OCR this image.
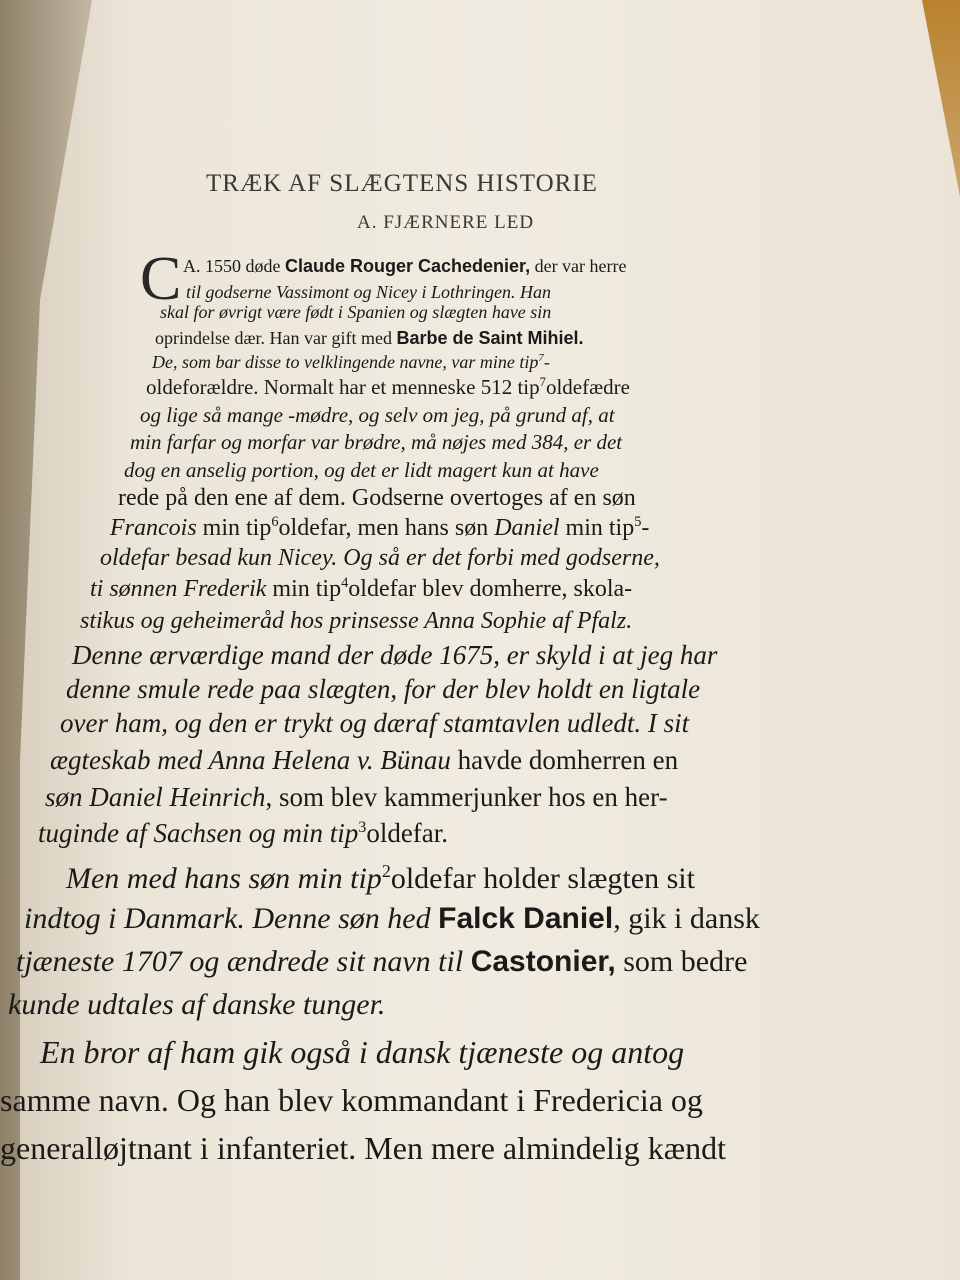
TRÆK AF SLÆGTENS HISTORIE
A. FJÆRNERE LED
C A. 1550 døde Claude Rouger Cachedenier, der var herre
til godserne Vassimont og Nicey i Lothringen. Han
skal for øvrigt være født i Spanien og slægten have sin
oprindelse dær. Han var gift med Barbe de Saint Mihiel.
De, som bar disse to velklingende navne, var mine tip$^7$-
oldeforældre. Normalt har et menneske 512 tip$^7$oldefædre
og lige så mange -mødre, og selv om jeg, på grund af, at
min farfar og morfar var brødre, må nøjes med 384, er det
dog en anselig portion, og det er lidt magert kun at have
rede på den ene af dem. Godserne overtoges af en søn
Francois min tip$^6$oldefar, men hans søn Daniel min tip$^5$-
oldefar besad kun Nicey. Og så er det forbi med godserne,
ti sønnen Frederik min tip$^4$oldefar blev domherre, skola-
stikus og geheimeråd hos prinsesse Anna Sophie af Pfalz.
Denne ærværdige mand der døde 1675, er skyld i at jeg har
denne smule rede paa slægten, for der blev holdt en ligtale
over ham, og den er trykt og dæraf stamtavlen udledt. I sit
ægteskab med Anna Helena v. Bünau havde domherren en
søn Daniel Heinrich, som blev kammerjunker hos en her-
tuginde af Sachsen og min tip$^3$oldefar.
Men med hans søn min tip$^2$oldefar holder slægten sit
indtog i Danmark. Denne søn hed Falck Daniel, gik i dansk
tjæneste 1707 og ændrede sit navn til Castonier, som bedre
kunde udtales af danske tunger.
En bror af ham gik også i dansk tjæneste og antog
samme navn. Og han blev kommandant i Fredericia og
generalløjtnant i infanteriet. Men mere almindelig kændt
